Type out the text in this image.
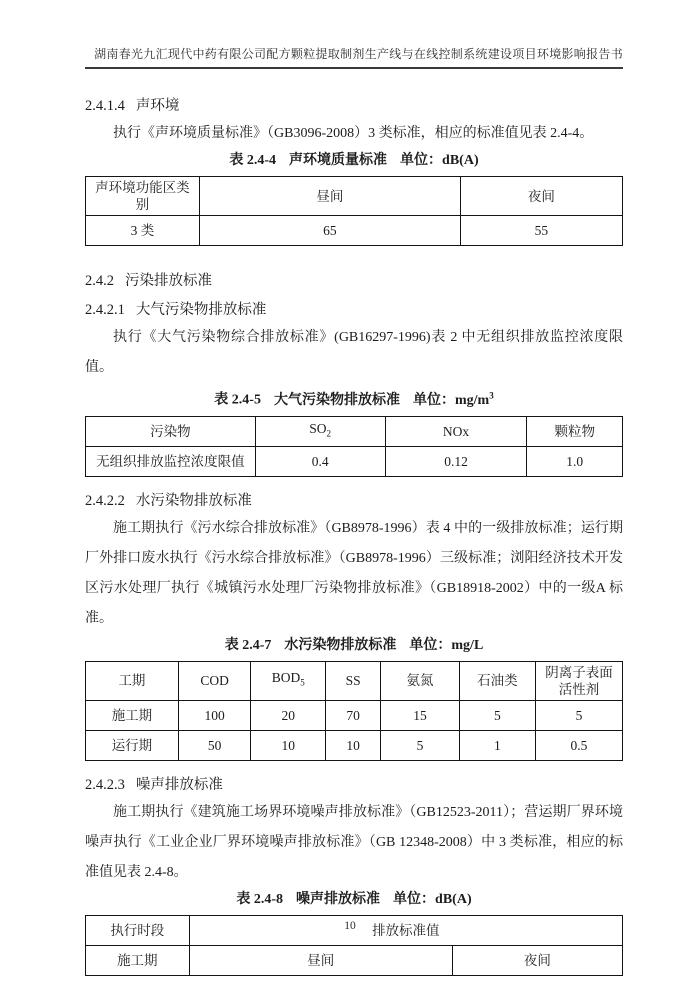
湖南春光九汇现代中药有限公司配方颗粒提取制剂生产线与在线控制系统建设项目环境影响报告书
2.4.1.4 声环境

执行《声环境质量标准》（GB3096-2008）3 类标准，相应的标准值见表 2.4-4。

表 2.4-4 声环境质量标准 单位：dB(A)
声环境功能区类别	昼间	夜间
3 类	65	55
2.4.2 污染排放标准
2.4.2.1 大气污染物排放标准

执行《大气污染物综合排放标准》(GB16297-1996)表 2 中无组织排放监控浓度限值。

表 2.4-5 大气污染物排放标准 单位：$mg/m^3$
污染物	$SO_2$	NOx	颗粒物
无组织排放监控浓度限值	0.4	0.12	1.0
2.4.2.2 水污染物排放标准

施工期执行《污水综合排放标准》（GB8978-1996）表 4 中的一级排放标准；运行期厂外排口废水执行《污水综合排放标准》（GB8978-1996）三级标准；浏阳经济技术开发区污水处理厂执行《城镇污水处理厂污染物排放标准》（GB18918-2002）中的一级A 标准。

表 2.4-7 水污染物排放标准 单位：mg/L
工期	COD	$BOD_5$	SS	氨氮	石油类	阴离子表面活性剂
施工期	100	20	70	15	5	5
运行期	50	10	10	5	1	0.5
2.4.2.3 噪声排放标准

施工期执行《建筑施工场界环境噪声排放标准》（GB12523-2011）；营运期厂界环境噪声执行《工业企业厂界环境噪声排放标准》（GB 12348-2008）中 3 类标准，相应的标准值见表 2.4-8。

表 2.4-8 噪声排放标准 单位：dB(A)
执行时段	排放标准值	
施工期	昼间	夜间
10
